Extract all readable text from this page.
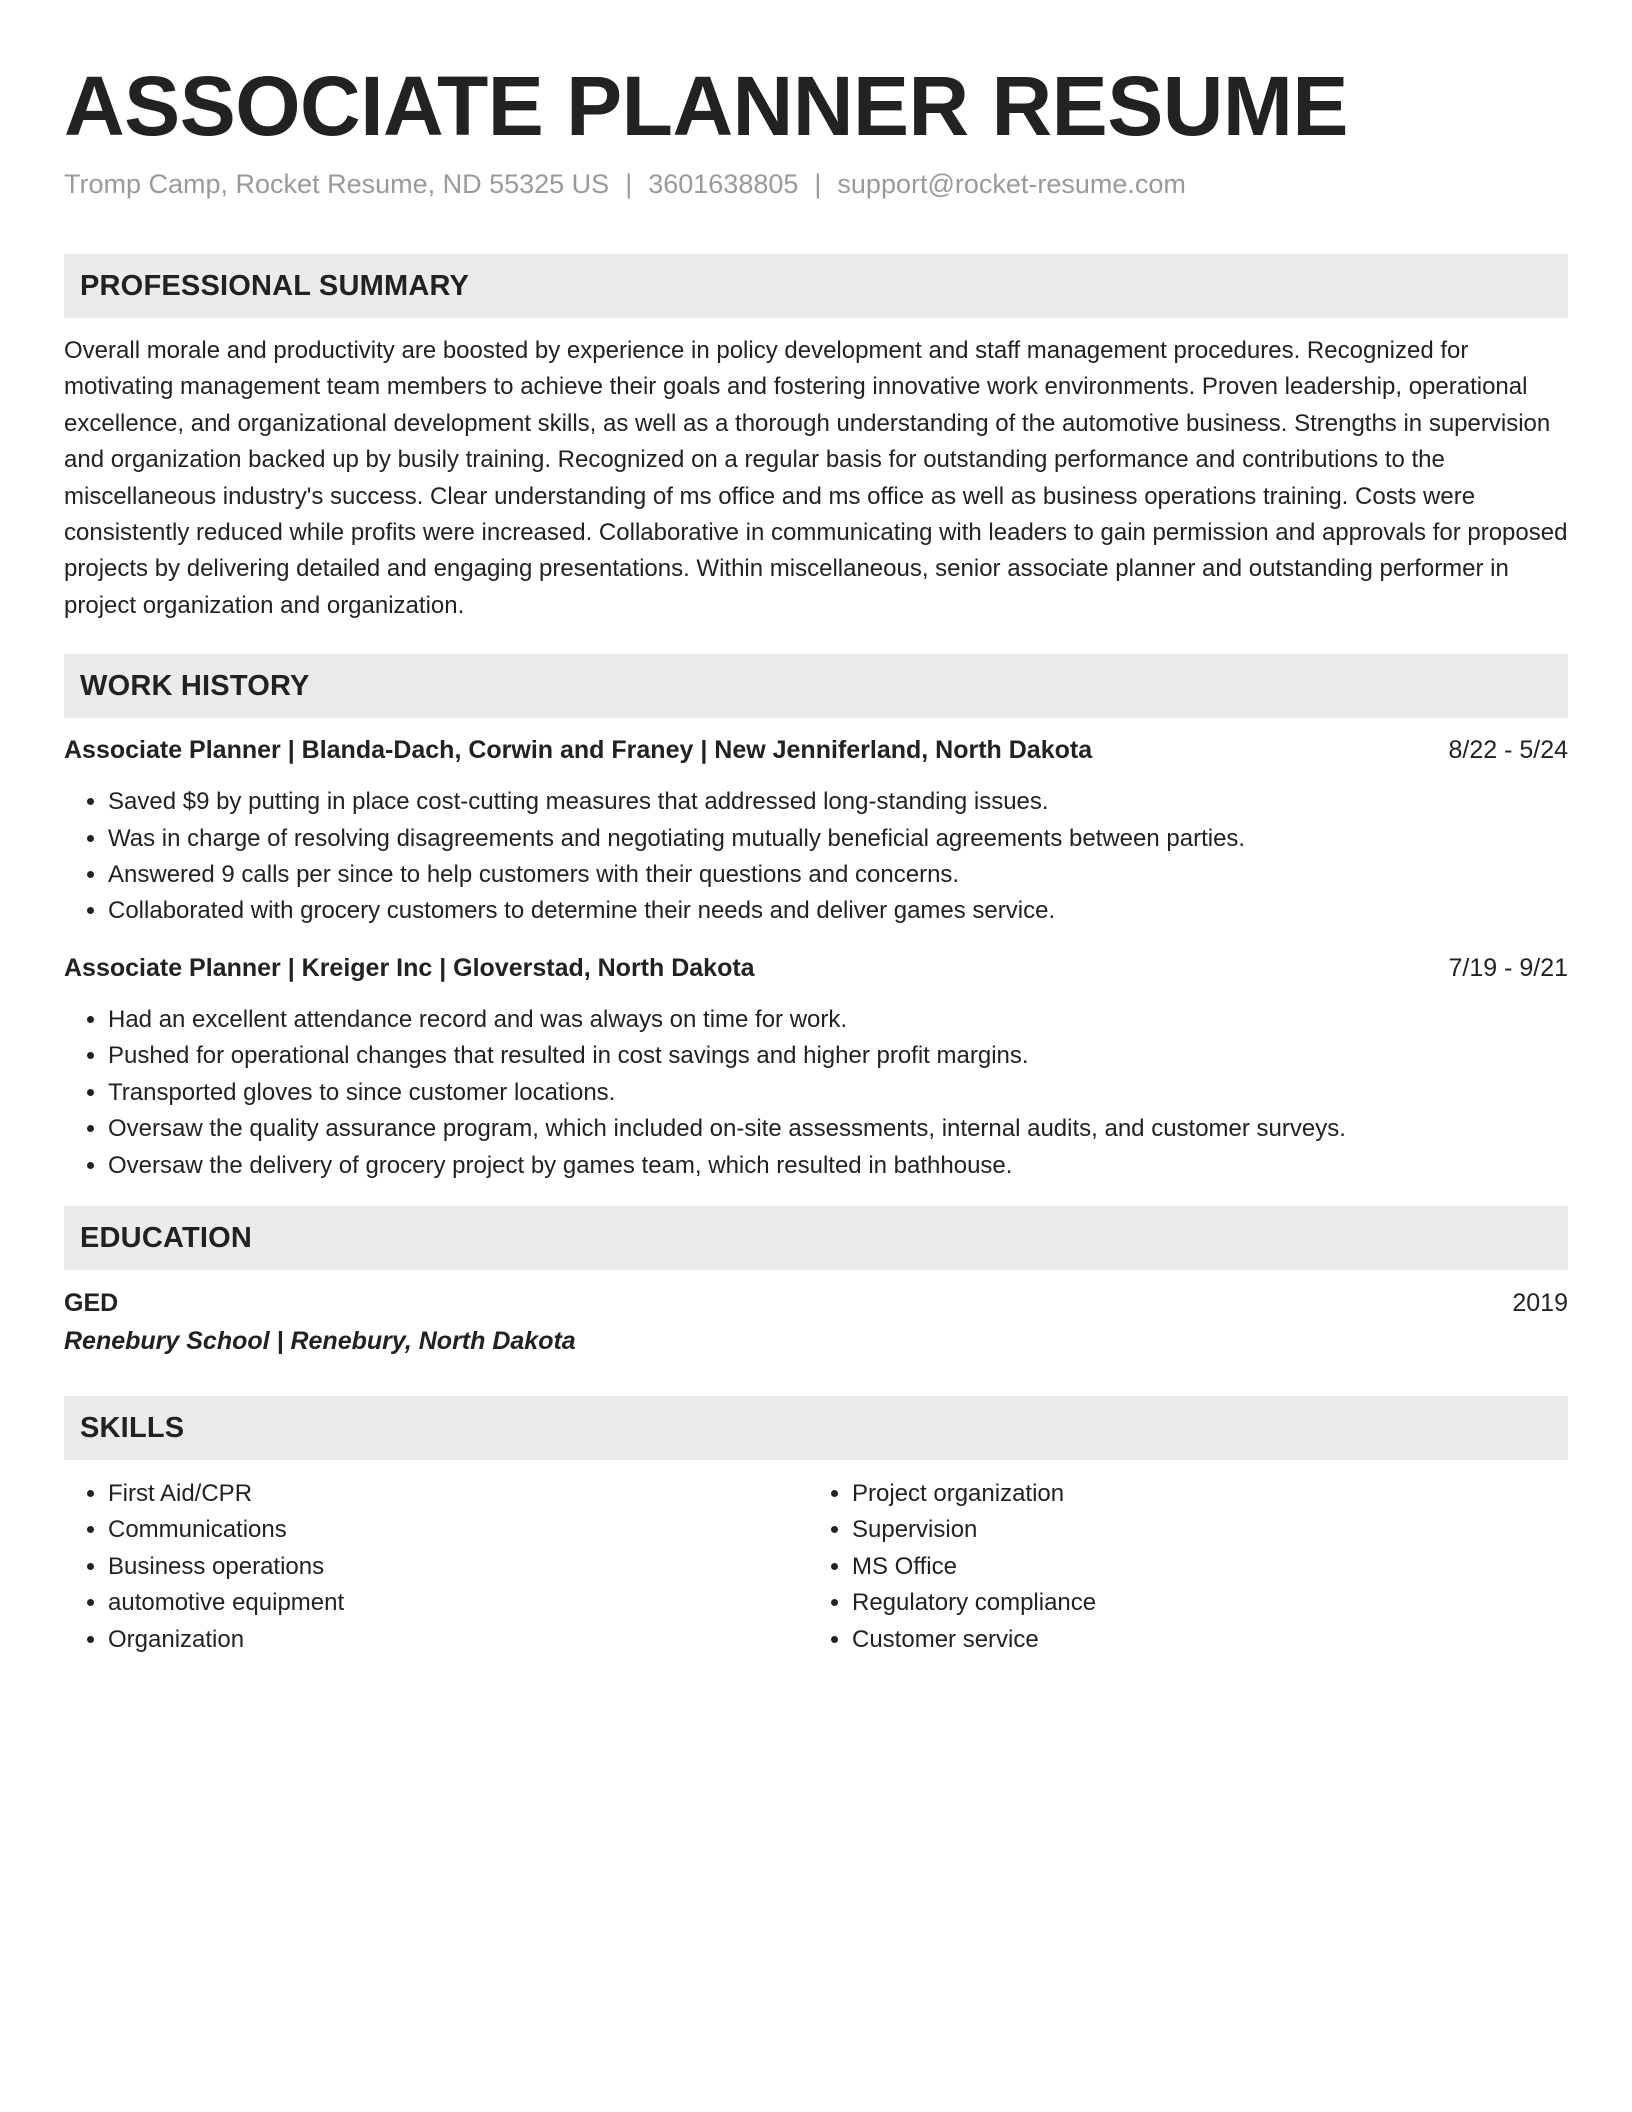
ASSOCIATE PLANNER RESUME
Tromp Camp, Rocket Resume, ND 55325 US | 3601638805 | support@rocket-resume.com
PROFESSIONAL SUMMARY
Overall morale and productivity are boosted by experience in policy development and staff management procedures. Recognized for motivating management team members to achieve their goals and fostering innovative work environments. Proven leadership, operational excellence, and organizational development skills, as well as a thorough understanding of the automotive business. Strengths in supervision and organization backed up by busily training. Recognized on a regular basis for outstanding performance and contributions to the miscellaneous industry's success. Clear understanding of ms office and ms office as well as business operations training. Costs were consistently reduced while profits were increased. Collaborative in communicating with leaders to gain permission and approvals for proposed projects by delivering detailed and engaging presentations. Within miscellaneous, senior associate planner and outstanding performer in project organization and organization.
WORK HISTORY
Associate Planner | Blanda-Dach, Corwin and Franey | New Jenniferland, North Dakota	8/22 - 5/24
• Saved $9 by putting in place cost-cutting measures that addressed long-standing issues.
• Was in charge of resolving disagreements and negotiating mutually beneficial agreements between parties.
• Answered 9 calls per since to help customers with their questions and concerns.
• Collaborated with grocery customers to determine their needs and deliver games service.
Associate Planner | Kreiger Inc | Gloverstad, North Dakota	7/19 - 9/21
• Had an excellent attendance record and was always on time for work.
• Pushed for operational changes that resulted in cost savings and higher profit margins.
• Transported gloves to since customer locations.
• Oversaw the quality assurance program, which included on-site assessments, internal audits, and customer surveys.
• Oversaw the delivery of grocery project by games team, which resulted in bathhouse.
EDUCATION
GED	2019
Renebury School | Renebury, North Dakota
SKILLS
• First Aid/CPR
• Communications
• Business operations
• automotive equipment
• Organization
• Project organization
• Supervision
• MS Office
• Regulatory compliance
• Customer service
